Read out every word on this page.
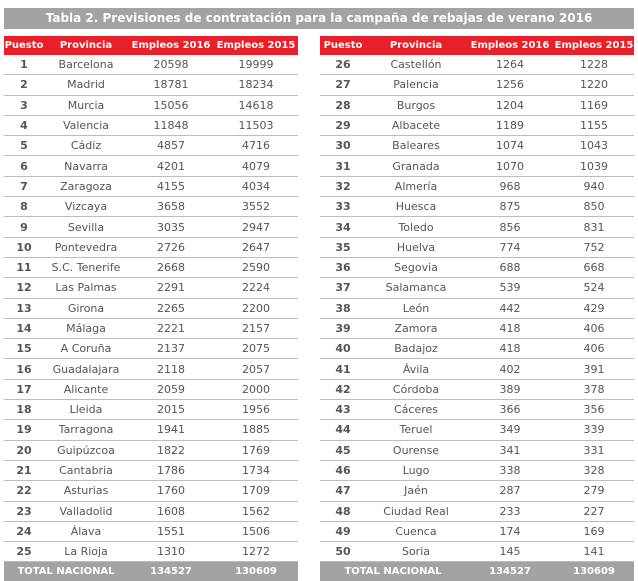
Tabla 2. Previsiones de contratación para la campaña de rebajas de verano 2016
Puesto	Provincia	Empleos 2016	Empleos 2015
1	Barcelona	20598	19999
2	Madrid	18781	18234
3	Murcia	15056	14618
4	Valencia	11848	11503
5	Cádiz	4857	4716
6	Navarra	4201	4079
7	Zaragoza	4155	4034
8	Vizcaya	3658	3552
9	Sevilla	3035	2947
10	Pontevedra	2726	2647
11	S.C. Tenerife	2668	2590
12	Las Palmas	2291	2224
13	Girona	2265	2200
14	Málaga	2221	2157
15	A Coruña	2137	2075
16	Guadalajara	2118	2057
17	Alicante	2059	2000
18	Lleida	2015	1956
19	Tarragona	1941	1885
20	Guipúzcoa	1822	1769
21	Cantabria	1786	1734
22	Asturias	1760	1709
23	Valladolid	1608	1562
24	Álava	1551	1506
25	La Rioja	1310	1272
TOTAL NACIONAL		134527	130609
Puesto	Provincia	Empleos 2016	Empleos 2015
26	Castellón	1264	1228
27	Palencia	1256	1220
28	Burgos	1204	1169
29	Albacete	1189	1155
30	Baleares	1074	1043
31	Granada	1070	1039
32	Almería	968	940
33	Huesca	875	850
34	Toledo	856	831
35	Huelva	774	752
36	Segovia	688	668
37	Salamanca	539	524
38	León	442	429
39	Zamora	418	406
40	Badajoz	418	406
41	Ávila	402	391
42	Córdoba	389	378
43	Cáceres	366	356
44	Teruel	349	339
45	Ourense	341	331
46	Lugo	338	328
47	Jaén	287	279
48	Ciudad Real	233	227
49	Cuenca	174	169
50	Soria	145	141
TOTAL NACIONAL		134527	130609
